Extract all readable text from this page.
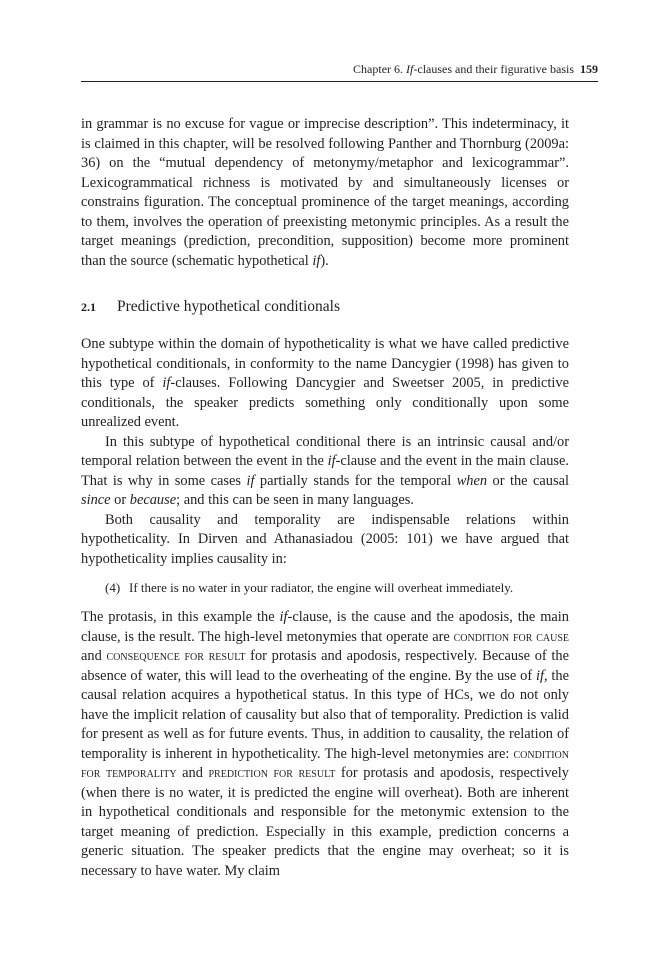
Chapter 6. If-clauses and their figurative basis 159

in grammar is no excuse for vague or imprecise description”. This indeterminacy, it is claimed in this chapter, will be resolved following Panther and Thornburg (2009a: 36) on the “mutual dependency of metonymy/metaphor and lexicogrammar”. Lexicogrammatical richness is motivated by and simultaneously licenses or constrains figuration. The conceptual prominence of the target meanings, according to them, involves the operation of preexisting metonymic principles. As a result the target meanings (prediction, precondition, supposition) become more prominent than the source (schematic hypothetical if).

2.1 Predictive hypothetical conditionals

One subtype within the domain of hypotheticality is what we have called predictive hypothetical conditionals, in conformity to the name Dancygier (1998) has given to this type of if-clauses. Following Dancygier and Sweetser 2005, in predictive conditionals, the speaker predicts something only conditionally upon some unrealized event.

In this subtype of hypothetical conditional there is an intrinsic causal and/or temporal relation between the event in the if-clause and the event in the main clause. That is why in some cases if partially stands for the temporal when or the causal since or because; and this can be seen in many languages.

Both causality and temporality are indispensable relations within hypotheticality. In Dirven and Athanasiadou (2005: 101) we have argued that hypotheticality implies causality in:

(4) If there is no water in your radiator, the engine will overheat immediately.

The protasis, in this example the if-clause, is the cause and the apodosis, the main clause, is the result. The high-level metonymies that operate are condition for cause and consequence for result for protasis and apodosis, respectively. Because of the absence of water, this will lead to the overheating of the engine. By the use of if, the causal relation acquires a hypothetical status. In this type of HCs, we do not only have the implicit relation of causality but also that of temporality. Prediction is valid for present as well as for future events. Thus, in addition to causality, the relation of temporality is inherent in hypotheticality. The high-level metonymies are: condition for temporality and prediction for result for protasis and apodosis, respectively (when there is no water, it is predicted the engine will overheat). Both are inherent in hypothetical conditionals and responsible for the metonymic extension to the target meaning of prediction. Especially in this example, prediction concerns a generic situation. The speaker predicts that the engine may overheat; so it is necessary to have water. My claim
